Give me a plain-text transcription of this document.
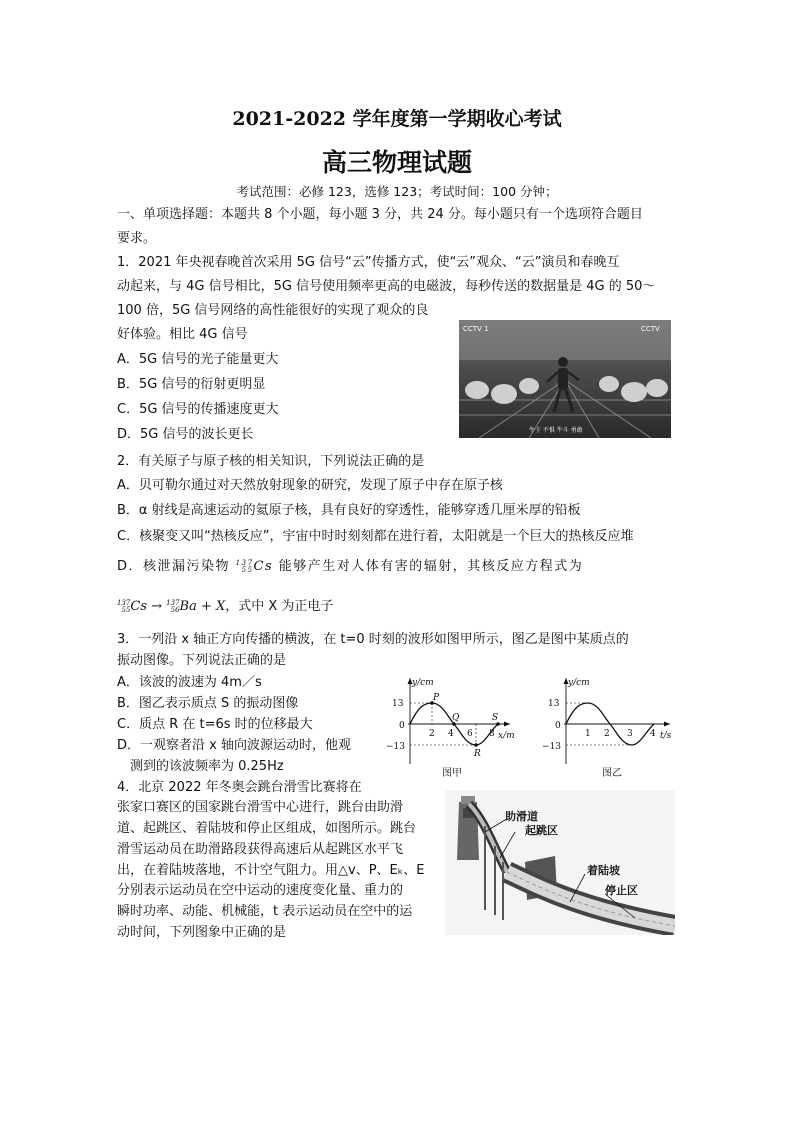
2021-2022 学年度第一学期收心考试
高三物理试题
考试范围：必修 123，选修 123；考试时间：100 分钟；
一、单项选择题：本题共 8 个小题，每小题 3 分，共 24 分。每小题只有一个选项符合题目
要求。
1．2021 年央视春晚首次采用 5G 信号“云”传播方式，使“云”观众、“云”演员和春晚互
动起来，与 4G 信号相比，5G 信号使用频率更高的电磁波，每秒传送的数据量是 4G 的 50～
100 倍，5G 信号网络的高性能很好的实现了观众的良
好体验。相比 4G 信号
A．5G 信号的光子能量更大
B．5G 信号的衍射更明显
C．5G 信号的传播速度更大
D．5G 信号的波长更长
CCTV 1	CCTV
牛于 不惧 牛斗 勇敢
2．有关原子与原子核的相关知识，下列说法正确的是
A．贝可勒尔通过对天然放射现象的研究，发现了原子中存在原子核
B．α 射线是高速运动的氦原子核，具有良好的穿透性，能够穿透几厘米厚的铅板
C．核聚变又叫“热核反应”，宇宙中时时刻刻都在进行着，太阳就是一个巨大的热核反应堆
D．核泄漏污染物 137
55Cs 能够产生对人体有害的辐射，其核反应方程式为
137
55Cs → 137
56Ba + X，式中 X 为正电子
3．一列沿 x 轴正方向传播的横波，在 t=0 时刻的波形如图甲所示，图乙是图中某质点的
振动图像。下列说法正确的是
A．该波的波速为 4m／s
B．图乙表示质点 S 的振动图像
C．质点 R 在 t=6s 时的位移最大
D．一观察者沿 x 轴向波源运动时，他观
测到的该波频率为 0.25Hz
y/cm
x/m
13
0
−13
2 4 6 8
P
Q
R
S
图甲
y/cm
t/s
13
0
−13
1 2 3 4
图乙
4．北京 2022 年冬奥会跳台滑雪比赛将在
张家口赛区的国家跳台滑雪中心进行，跳台由助滑
道、起跳区、着陆坡和停止区组成，如图所示。跳台
滑雪运动员在助滑路段获得高速后从起跳区水平飞
出，在着陆坡落地，不计空气阻力。用△v、P、Eₖ、E
分别表示运动员在空中运动的速度变化量、重力的
瞬时功率、动能、机械能，t 表示运动员在空中的运
动时间，下列图象中正确的是
助滑道
起跳区
着陆坡
停止区
